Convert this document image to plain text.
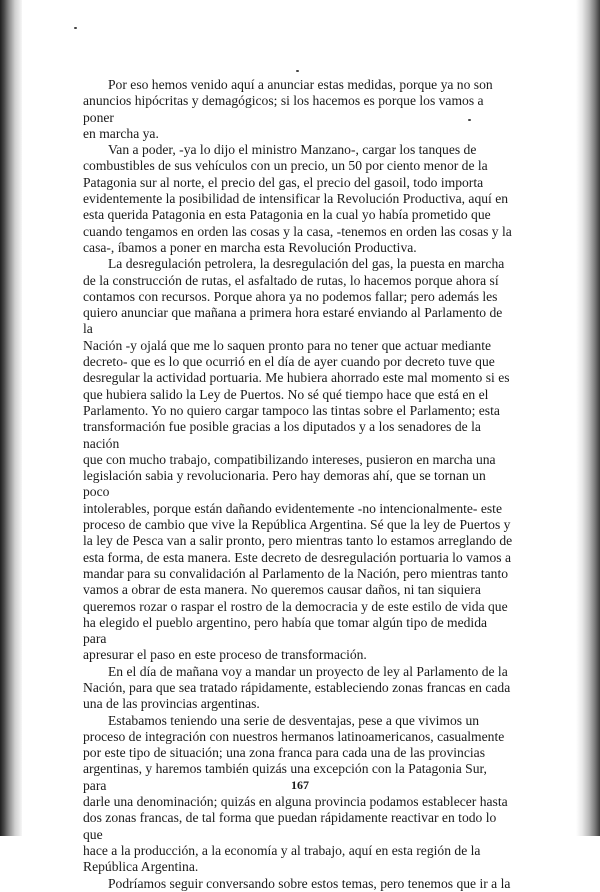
Por eso hemos venido aquí a anunciar estas medidas, porque ya no son
anuncios hipócritas y demagógicos; si los hacemos es porque los vamos a poner
en marcha ya.
Van a poder, -ya lo dijo el ministro Manzano-, cargar los tanques de
combustibles de sus vehículos con un precio, un 50 por ciento menor de la
Patagonia sur al norte, el precio del gas, el precio del gasoil, todo importa
evidentemente la posibilidad de intensificar la Revolución Productiva, aquí en
esta querida Patagonia en esta Patagonia en la cual yo había prometido que
cuando tengamos en orden las cosas y la casa, -tenemos en orden las cosas y la
casa-, íbamos a poner en marcha esta Revolución Productiva.
La desregulación petrolera, la desregulación del gas, la puesta en marcha
de la construcción de rutas, el asfaltado de rutas, lo hacemos porque ahora sí
contamos con recursos. Porque ahora ya no podemos fallar; pero además les
quiero anunciar que mañana a primera hora estaré enviando al Parlamento de la
Nación -y ojalá que me lo saquen pronto para no tener que actuar mediante
decreto- que es lo que ocurrió en el día de ayer cuando por decreto tuve que
desregular la actividad portuaria. Me hubiera ahorrado este mal momento si es
que hubiera salido la Ley de Puertos. No sé qué tiempo hace que está en el
Parlamento. Yo no quiero cargar tampoco las tintas sobre el Parlamento; esta
transformación fue posible gracias a los diputados y a los senadores de la nación
que con mucho trabajo, compatibilizando intereses, pusieron en marcha una
legislación sabia y revolucionaria. Pero hay demoras ahí, que se tornan un poco
intolerables, porque están dañando evidentemente -no intencionalmente- este
proceso de cambio que vive la República Argentina. Sé que la ley de Puertos y
la ley de Pesca van a salir pronto, pero mientras tanto lo estamos arreglando de
esta forma, de esta manera. Este decreto de desregulación portuaria lo vamos a
mandar para su convalidación al Parlamento de la Nación, pero mientras tanto
vamos a obrar de esta manera. No queremos causar daños, ni tan siquiera
queremos rozar o raspar el rostro de la democracia y de este estilo de vida que
ha elegido el pueblo argentino, pero había que tomar algún tipo de medida para
apresurar el paso en este proceso de transformación.
En el día de mañana voy a mandar un proyecto de ley al Parlamento de la
Nación, para que sea tratado rápidamente, estableciendo zonas francas en cada
una de las provincias argentinas.
Estabamos teniendo una serie de desventajas, pese a que vivimos un
proceso de integración con nuestros hermanos latinoamericanos, casualmente
por este tipo de situación; una zona franca para cada una de las provincias
argentinas, y haremos también quizás una excepción con la Patagonia Sur, para
darle una denominación; quizás en alguna provincia podamos establecer hasta
dos zonas francas, de tal forma que puedan rápidamente reactivar en todo lo que
hace a la producción, a la economía y al trabajo, aquí en esta región de la
República Argentina.
Podríamos seguir conversando sobre estos temas, pero tenemos que ir a la
167
